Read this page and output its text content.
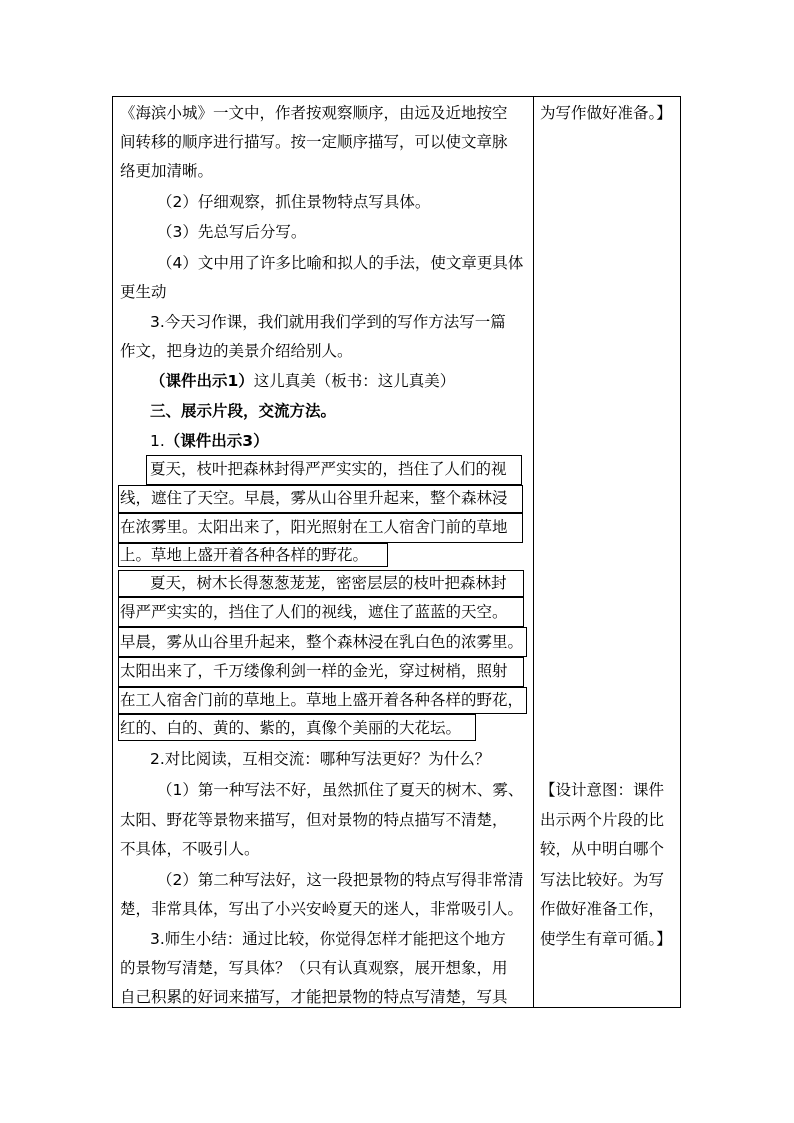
《海滨小城》一文中，作者按观察顺序，由远及近地按空
间转移的顺序进行描写。按一定顺序描写，可以使文章脉
络更加清晰。
（2）仔细观察，抓住景物特点写具体。
（3）先总写后分写。
（4）文中用了许多比喻和拟人的手法，使文章更具体
更生动
3.今天习作课，我们就用我们学到的写作方法写一篇
作文，把身边的美景介绍给别人。
（课件出示1）这儿真美（板书：这儿真美）
三、展示片段，交流方法。
1.（课件出示3）
夏天，枝叶把森林封得严严实实的，挡住了人们的视
线，遮住了天空。早晨，雾从山谷里升起来，整个森林浸
在浓雾里。太阳出来了，阳光照射在工人宿舍门前的草地
上。草地上盛开着各种各样的野花。
夏天，树木长得葱葱茏茏，密密层层的枝叶把森林封
得严严实实的，挡住了人们的视线，遮住了蓝蓝的天空。
早晨，雾从山谷里升起来，整个森林浸在乳白色的浓雾里。
太阳出来了，千万缕像利剑一样的金光，穿过树梢，照射
在工人宿舍门前的草地上。草地上盛开着各种各样的野花，
红的、白的、黄的、紫的，真像个美丽的大花坛。
2.对比阅读，互相交流：哪种写法更好？为什么？
（1）第一种写法不好，虽然抓住了夏天的树木、雾、
太阳、野花等景物来描写，但对景物的特点描写不清楚，
不具体，不吸引人。
（2）第二种写法好，这一段把景物的特点写得非常清
楚，非常具体，写出了小兴安岭夏天的迷人，非常吸引人。
3.师生小结：通过比较，你觉得怎样才能把这个地方
的景物写清楚，写具体？（只有认真观察，展开想象，用
自己积累的好词来描写，才能把景物的特点写清楚，写具
为写作做好准备。】
【设计意图：课件
出示两个片段的比
较，从中明白哪个
写法比较好。为写
作做好准备工作，
使学生有章可循。】
